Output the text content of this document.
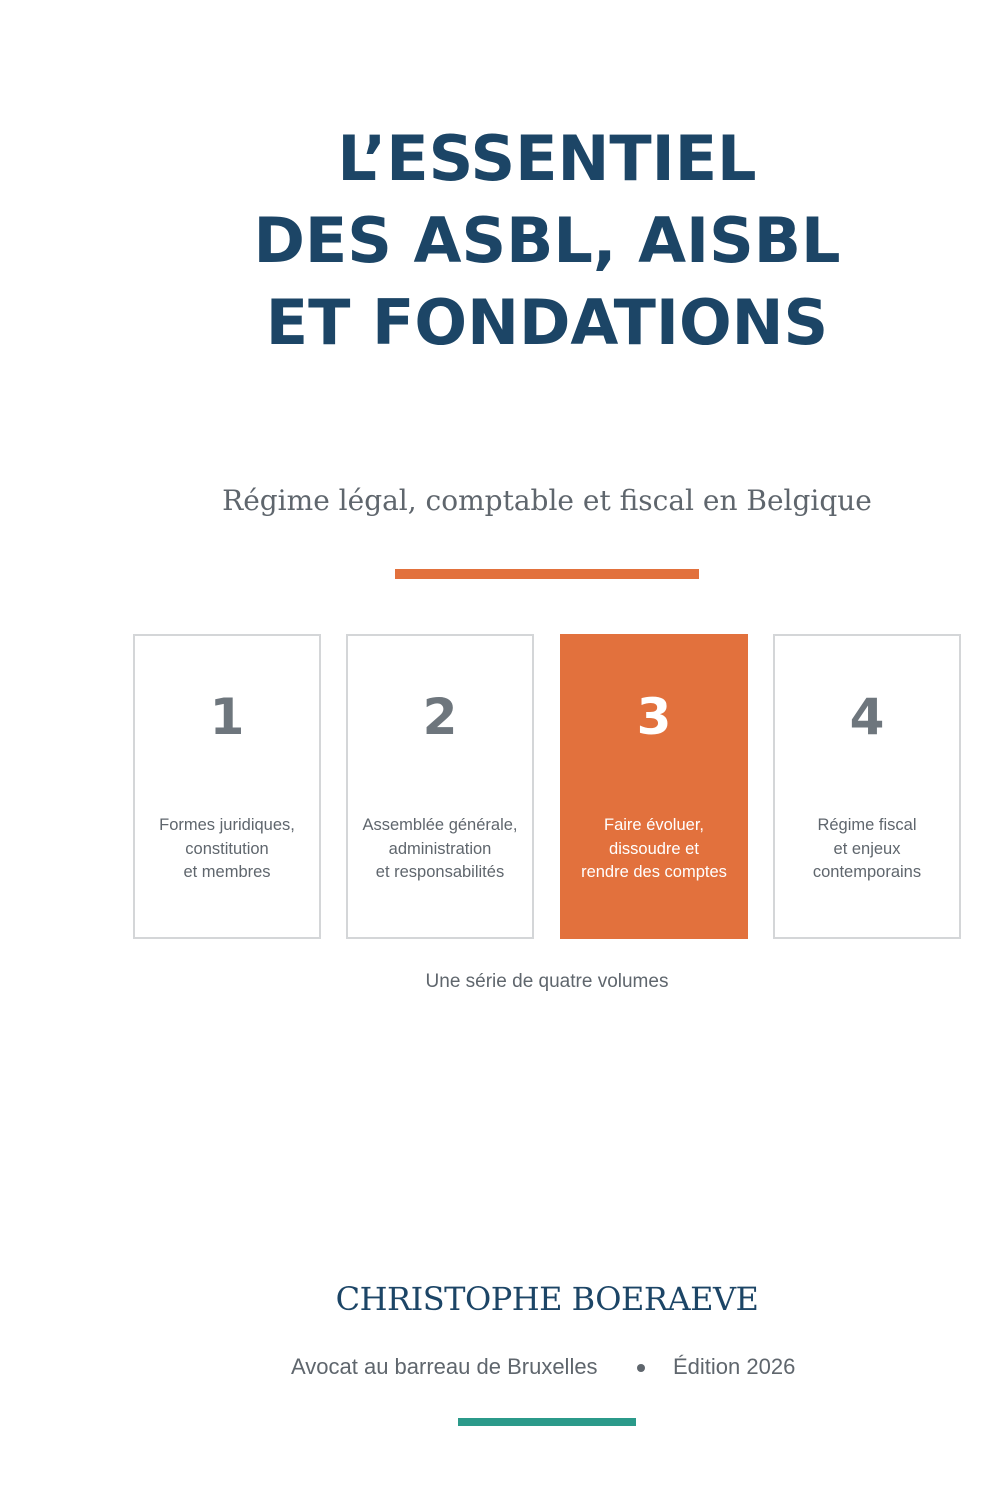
L’ESSENTIEL
DES ASBL, AISBL
ET FONDATIONS
Régime légal, comptable et fiscal en Belgique
1
Formes juridiques,
constitution
et membres
2
Assemblée générale,
administration
et responsabilités
3
Faire évoluer,
dissoudre et
rendre des comptes
4
Régime fiscal
et enjeux
contemporains
Une série de quatre volumes
CHRISTOPHE BOERAEVE
Avocat au barreau de Bruxelles	Édition 2026
